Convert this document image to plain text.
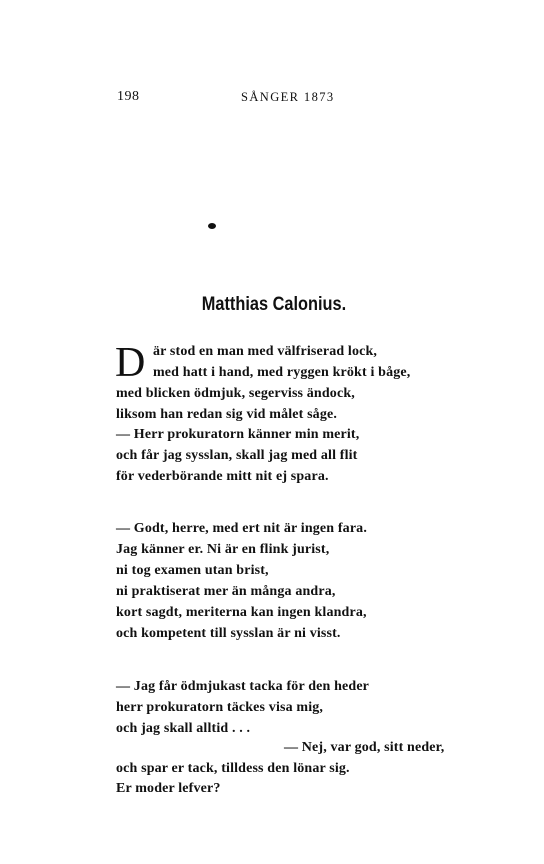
198	SÅNGER 1873
Matthias Calonius.
D är stod en man med välfriserad lock,
med hatt i hand, med ryggen krökt i båge,
med blicken ödmjuk, segerviss ändock,
liksom han redan sig vid målet såge.
— Herr prokuratorn känner min merit,
och får jag sysslan, skall jag med all flit
för vederbörande mitt nit ej spara.
— Godt, herre, med ert nit är ingen fara.
Jag känner er. Ni är en flink jurist,
ni tog examen utan brist,
ni praktiserat mer än många andra,
kort sagdt, meriterna kan ingen klandra,
och kompetent till sysslan är ni visst.
— Jag får ödmjukast tacka för den heder
herr prokuratorn täckes visa mig,
och jag skall alltid . . .
— Nej, var god, sitt neder,
och spar er tack, tilldess den lönar sig.
Er moder lefver?
